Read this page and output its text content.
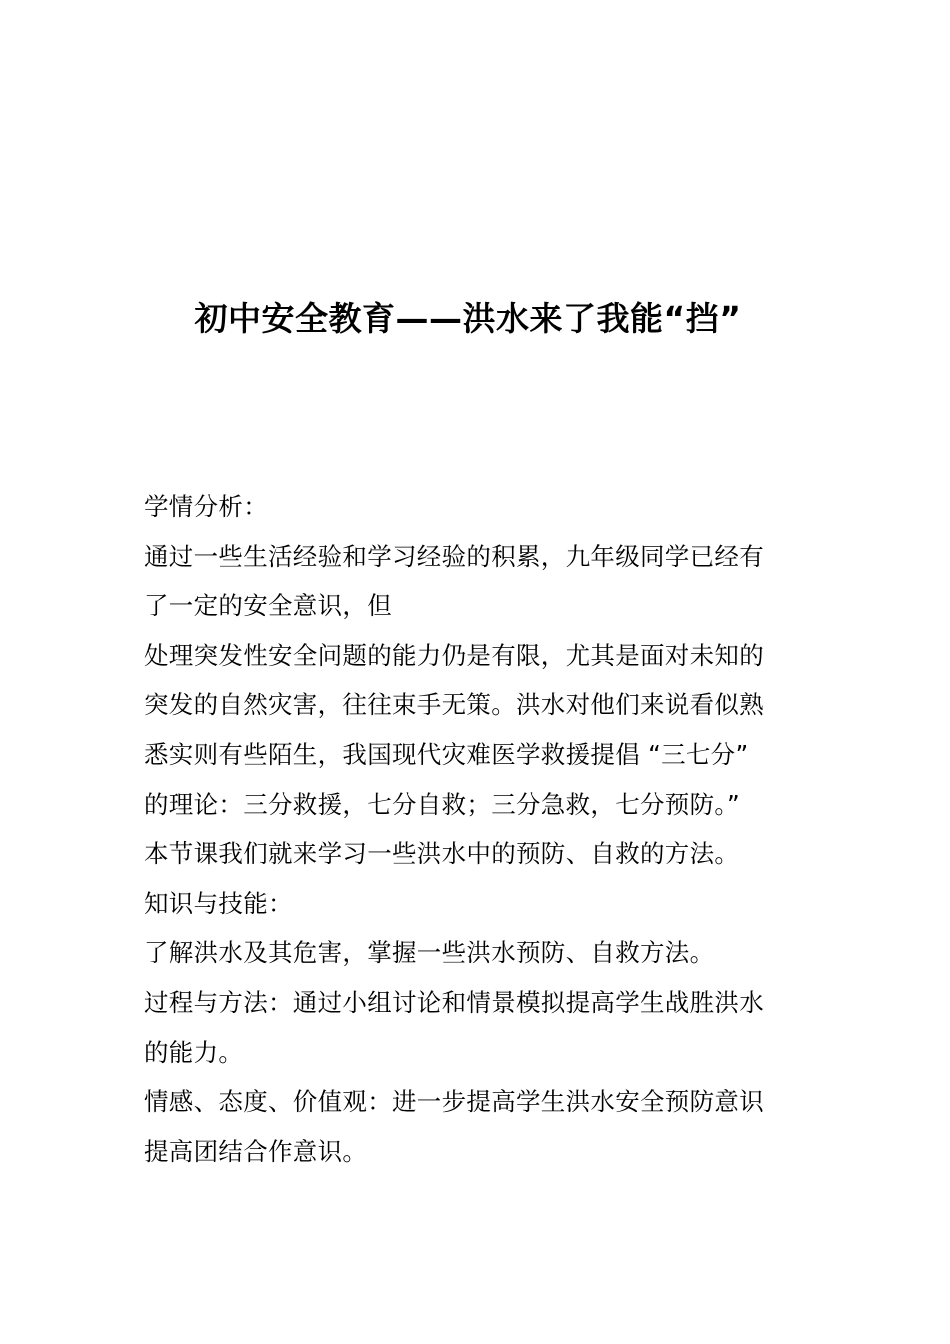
初中安全教育——洪水来了我能“挡”
学情分析：
通过一些生活经验和学习经验的积累，九年级同学已经有
了一定的安全意识，但
处理突发性安全问题的能力仍是有限，尤其是面对未知的
突发的自然灾害，往往束手无策。洪水对他们来说看似熟
悉实则有些陌生，我国现代灾难医学救援提倡 “三七分”
的理论：三分救援，七分自救；三分急救，七分预防。”
本节课我们就来学习一些洪水中的预防、自救的方法。
知识与技能：
了解洪水及其危害，掌握一些洪水预防、自救方法。
过程与方法：通过小组讨论和情景模拟提高学生战胜洪水
的能力。
情感、态度、价值观：进一步提高学生洪水安全预防意识
提高团结合作意识。
